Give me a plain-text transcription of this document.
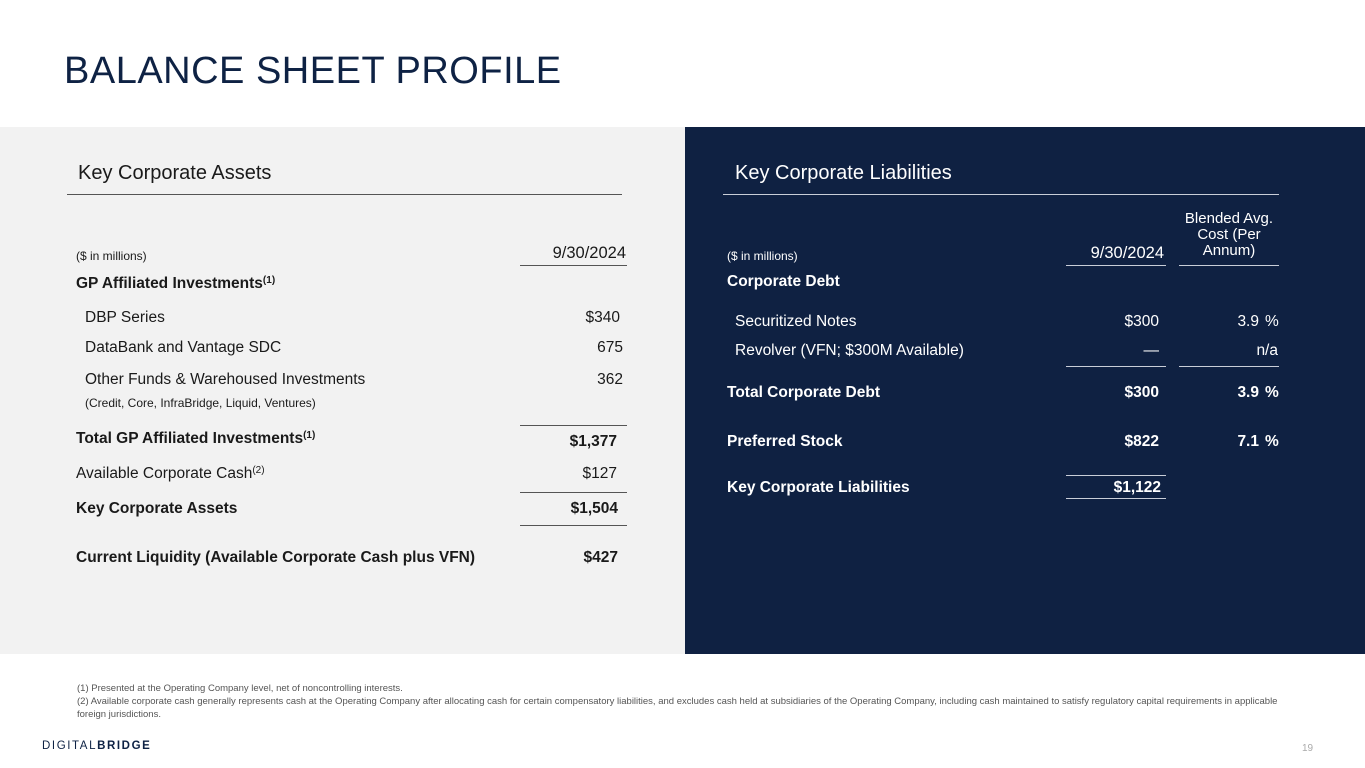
BALANCE SHEET PROFILE
Key Corporate Assets
($ in millions)	9/30/2024
GP Affiliated Investments$^{(1)}$
DBP Series	$340
DataBank and Vantage SDC	675
Other Funds & Warehoused Investments	362
(Credit, Core, InfraBridge, Liquid, Ventures)
Total GP Affiliated Investments$^{(1)}$	$1,377
Available Corporate Cash$^{(2)}$	$127
Key Corporate Assets	$1,504
Current Liquidity (Available Corporate Cash plus VFN)	$427
Key Corporate Liabilities
($ in millions)	9/30/2024
Blended Avg.
Cost (Per
Annum)
Corporate Debt
Securitized Notes	$300	3.9 %
Revolver (VFN; $300M Available)	—	n/a
Total Corporate Debt	$300	3.9 %
Preferred Stock	$822	7.1 %
Key Corporate Liabilities	$1,122
(1) Presented at the Operating Company level, net of noncontrolling interests.
(2) Available corporate cash generally represents cash at the Operating Company after allocating cash for certain compensatory liabilities, and excludes cash held at subsidiaries of the Operating Company, including cash maintained to satisfy regulatory capital requirements in applicable foreign jurisdictions.
DIGITALBRIDGE	19
